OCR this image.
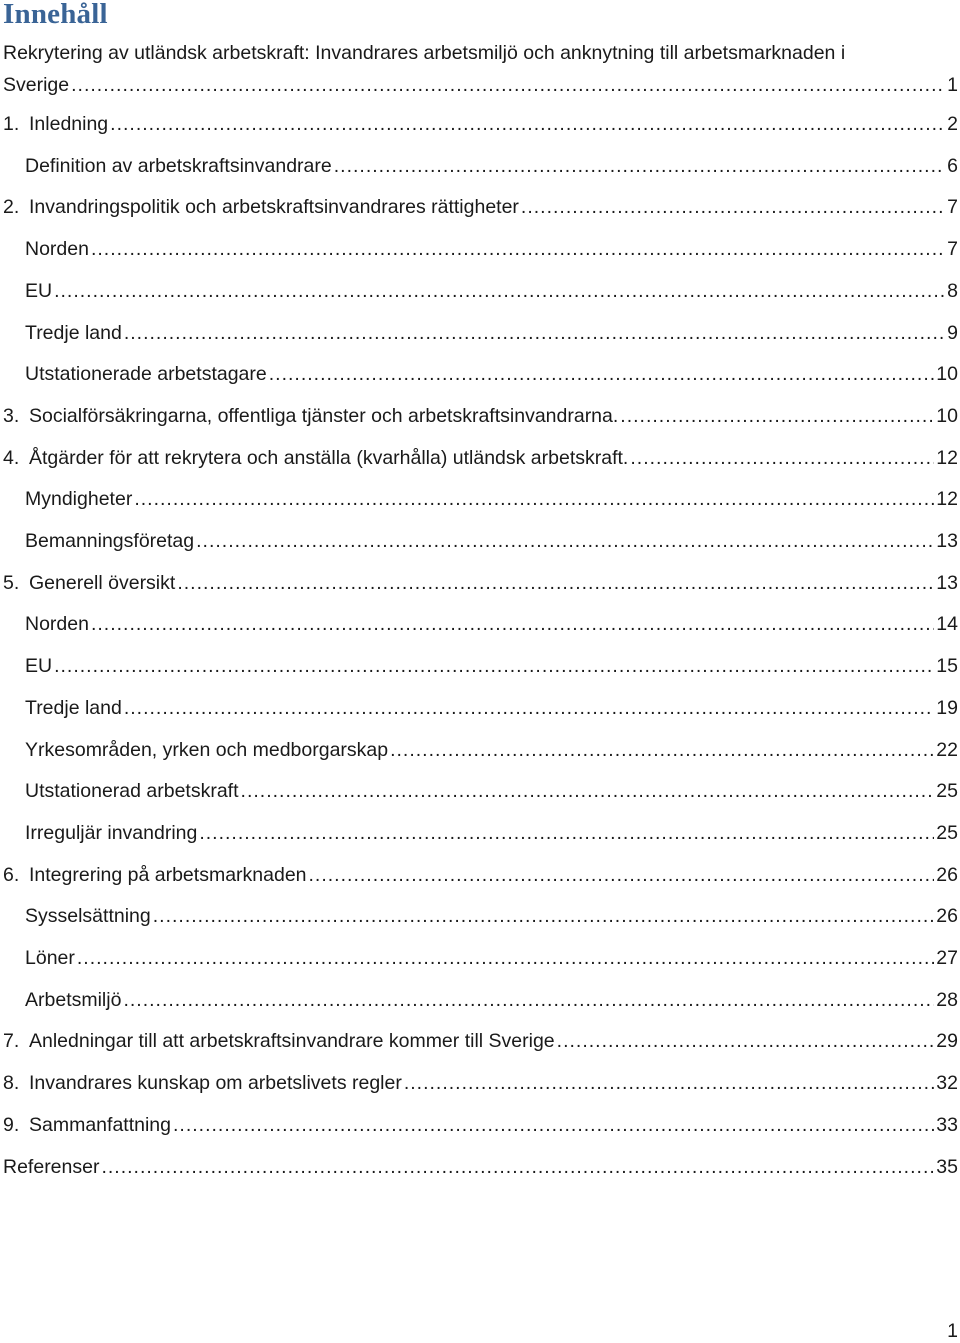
Innehåll
Rekrytering av utländsk arbetskraft: Invandrares arbetsmiljö och anknytning till arbetsmarknaden i
Sverige .....	1
1. Inledning .....	2
Definition av arbetskraftsinvandrare .....	6
2. Invandringspolitik och arbetskraftsinvandrares rättigheter .....	7
Norden .....	7
EU .....	8
Tredje land .....	9
Utstationerade arbetstagare .....	10
3. Socialförsäkringarna, offentliga tjänster och arbetskraftsinvandrarna. .....	10
4. Åtgärder för att rekrytera och anställa (kvarhålla) utländsk arbetskraft. .....	12
Myndigheter .....	12
Bemanningsföretag .....	13
5. Generell översikt .....	13
Norden .....	14
EU .....	15
Tredje land .....	19
Yrkesområden, yrken och medborgarskap .....	22
Utstationerad arbetskraft .....	25
Irreguljär invandring .....	25
6. Integrering på arbetsmarknaden .....	26
Sysselsättning .....	26
Löner .....	27
Arbetsmiljö .....	28
7. Anledningar till att arbetskraftsinvandrare kommer till Sverige .....	29
8. Invandrares kunskap om arbetslivets regler .....	32
9. Sammanfattning .....	33
Referenser .....	35
1
